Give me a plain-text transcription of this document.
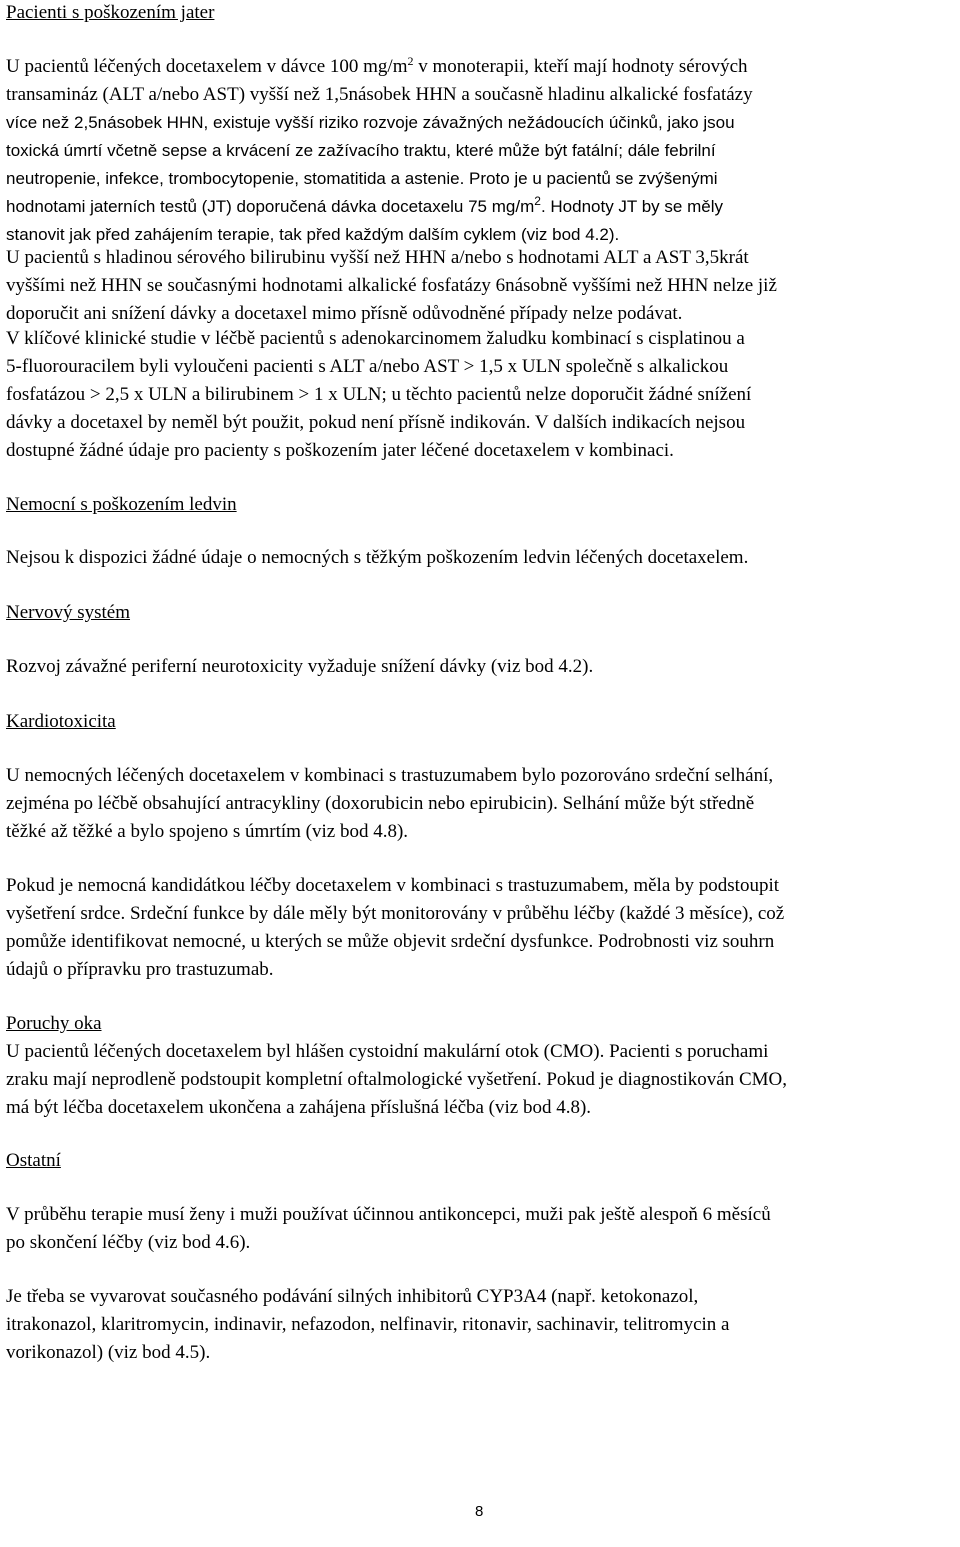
Pacienti s poškozením jater
U pacientů léčených docetaxelem v dávce 100 $mg/m^2$ v monoterapii, kteří mají hodnoty sérových
transamináz (ALT a/nebo AST) vyšší než 1,5násobek HHN a současně hladinu alkalické fosfatázy
více než 2,5násobek HHN, existuje vyšší riziko rozvoje závažných nežádoucích účinků, jako jsou
toxická úmrtí včetně sepse a krvácení ze zažívacího traktu, které může být fatální; dále febrilní
neutropenie, infekce, trombocytopenie, stomatitida a astenie. Proto je u pacientů se zvýšenými
hodnotami jaterních testů (JT) doporučená dávka docetaxelu 75 $mg/m^2$. Hodnoty JT by se měly
stanovit jak před zahájením terapie, tak před každým dalším cyklem (viz bod 4.2).
U pacientů s hladinou sérového bilirubinu vyšší než HHN a/nebo s hodnotami ALT a AST 3,5krát
vyššími než HHN se současnými hodnotami alkalické fosfatázy 6násobně vyššími než HHN nelze již
doporučit ani snížení dávky a docetaxel mimo přísně odůvodněné případy nelze podávat.
V klíčové klinické studie v léčbě pacientů s adenokarcinomem žaludku kombinací s cisplatinou a
5-fluorouracilem byli vyloučeni pacienti s ALT a/nebo AST > 1,5 x ULN společně s alkalickou
fosfatázou > 2,5 x ULN a bilirubinem > 1 x ULN; u těchto pacientů nelze doporučit žádné snížení
dávky a docetaxel by neměl být použit, pokud není přísně indikován. V dalších indikacích nejsou
dostupné žádné údaje pro pacienty s poškozením jater léčené docetaxelem v kombinaci.
Nemocní s poškozením ledvin
Nejsou k dispozici žádné údaje o nemocných s těžkým poškozením ledvin léčených docetaxelem.
Nervový systém
Rozvoj závažné periferní neurotoxicity vyžaduje snížení dávky (viz bod 4.2).
Kardiotoxicita
U nemocných léčených docetaxelem v kombinaci s trastuzumabem bylo pozorováno srdeční selhání,
zejména po léčbě obsahující antracykliny (doxorubicin nebo epirubicin). Selhání může být středně
těžké až těžké a bylo spojeno s úmrtím (viz bod 4.8).
Pokud je nemocná kandidátkou léčby docetaxelem v kombinaci s trastuzumabem, měla by podstoupit
vyšetření srdce. Srdeční funkce by dále měly být monitorovány v průběhu léčby (každé 3 měsíce), což
pomůže identifikovat nemocné, u kterých se může objevit srdeční dysfunkce. Podrobnosti viz souhrn
údajů o přípravku pro trastuzumab.
Poruchy oka
U pacientů léčených docetaxelem byl hlášen cystoidní makulární otok (CMO). Pacienti s poruchami
zraku mají neprodleně podstoupit kompletní oftalmologické vyšetření. Pokud je diagnostikován CMO,
má být léčba docetaxelem ukončena a zahájena příslušná léčba (viz bod 4.8).
Ostatní
V průběhu terapie musí ženy i muži používat účinnou antikoncepci, muži pak ještě alespoň 6 měsíců
po skončení léčby (viz bod 4.6).
Je třeba se vyvarovat současného podávání silných inhibitorů CYP3A4 (např. ketokonazol,
itrakonazol, klaritromycin, indinavir, nefazodon, nelfinavir, ritonavir, sachinavir, telitromycin a
vorikonazol) (viz bod 4.5).
8
